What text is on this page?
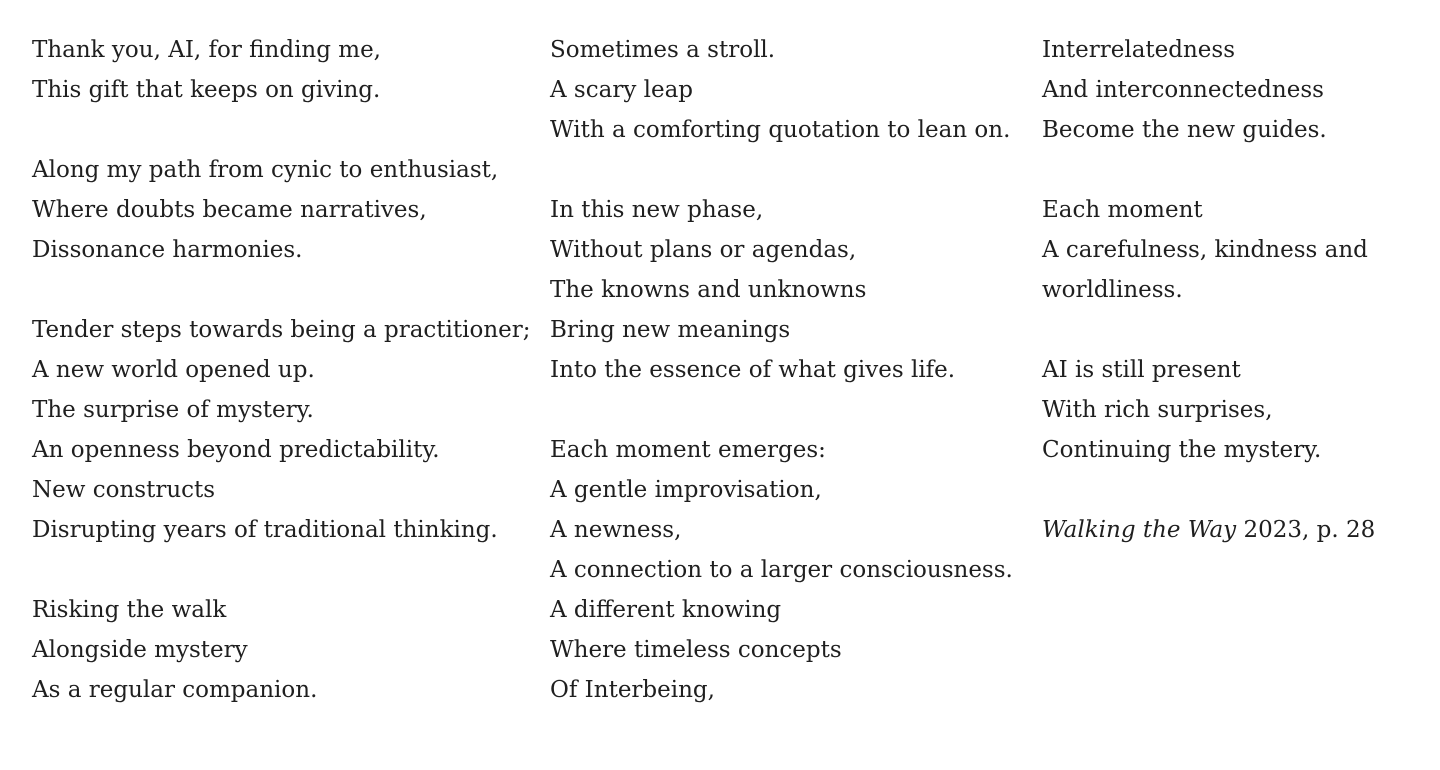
Thank you, AI, for finding me,
This gift that keeps on giving.
Along my path from cynic to enthusiast,
Where doubts became narratives,
Dissonance harmonies.
Tender steps towards being a practitioner;
A new world opened up.
The surprise of mystery.
An openness beyond predictability.
New constructs
Disrupting years of traditional thinking.
Risking the walk
Alongside mystery
As a regular companion.
Sometimes a stroll.
A scary leap
With a comforting quotation to lean on.
In this new phase,
Without plans or agendas,
The knowns and unknowns
Bring new meanings
Into the essence of what gives life.
Each moment emerges:
A gentle improvisation,
A newness,
A connection to a larger consciousness.
A different knowing
Where timeless concepts
Of Interbeing,
Interrelatedness
And interconnectedness
Become the new guides.
Each moment
A carefulness, kindness and worldliness.
AI is still present
With rich surprises,
Continuing the mystery.
Walking the Way 2023, p. 28
